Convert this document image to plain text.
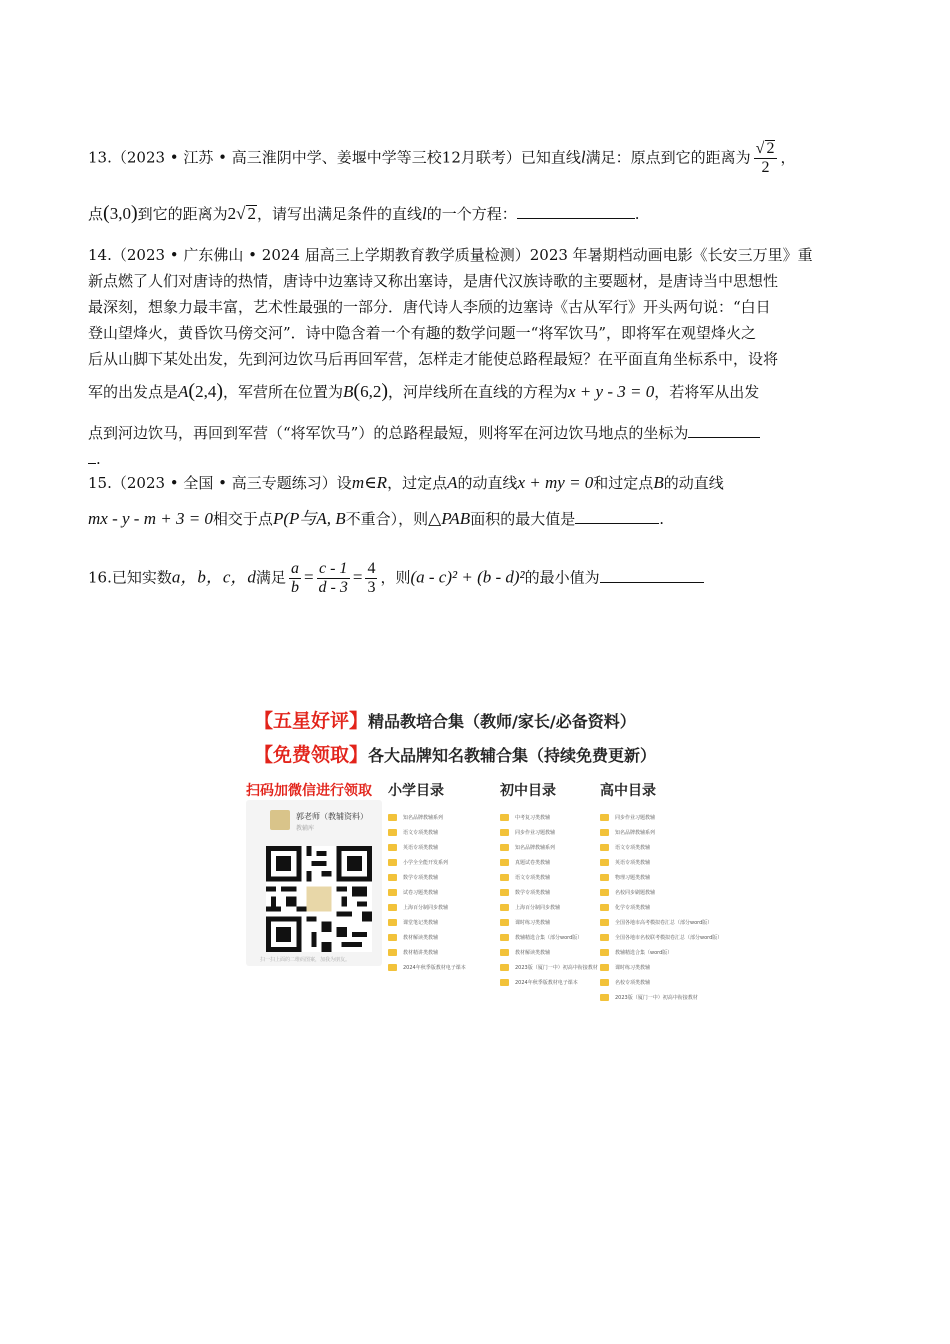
13.（2023 • 江苏 • 高三淮阴中学、姜堰中学等三校12月联考）已知直线l满足：原点到它的距离为 $\frac{√ 2}{2}$ ，
点(3,0)到它的距离为2√ 2，请写出满足条件的直线l的一个方程：	.
14.（2023 • 广东佛山 • 2024 届高三上学期教育教学质量检测）2023 年暑期档动画电影《长安三万里》重
新点燃了人们对唐诗的热情，唐诗中边塞诗又称出塞诗，是唐代汉族诗歌的主要题材，是唐诗当中思想性
最深刻，想象力最丰富，艺术性最强的一部分．唐代诗人李颀的边塞诗《古从军行》开头两句说：“白日
登山望烽火，黄昏饮马傍交河”．诗中隐含着一个有趣的数学问题一“将军饮马”，即将军在观望烽火之
后从山脚下某处出发，先到河边饮马后再回军营，怎样走才能使总路程最短？在平面直角坐标系中，设将
军的出发点是A(2,4)，军营所在位置为B(6,2)，河岸线所在直线的方程为x + y - 3 = 0，若将军从出发
点到河边饮马，再回到军营（“将军饮马”）的总路程最短，则将军在河边饮马地点的坐标为
.
15.（2023 • 全国 • 高三专题练习）设m∈R，过定点A的动直线x + my = 0和过定点B的动直线
mx - y - m + 3 = 0相交于点P(P与A, B不重合），则△PAB面积的最大值是	.
16.已知实数a，b，c，d满足 $\frac{a}{b} = \frac{c - 1}{d - 3} = \frac{4}{3}$ ，则(a - c)² + (b - d)²的最小值为
【五星好评】精品教培合集（教师/家长/必备资料）
【免费领取】各大品牌知名教辅合集（持续免费更新）
扫码加微信进行领取
郭老师（教辅资料）
教辅库
扫一扫上面的二维码图案，加我为朋友。
小学目录
知名品牌教辅系列
语文专项类教辅
英语专项类教辅
小学全全能开发系列
数学专项类教辅
试卷习题类教辅
上海百分制同步教辅
课堂笔记类教辅
教材解读类教辅
教材精讲类教辅
2024年秋季版教材电子课本
初中目录
中考复习类教辅
同步作业习题教辅
知名品牌教辅系列
真题试卷类教辅
语文专项类教辅
数学专项类教辅
上海百分制同步教辅
课时练习类教辅
教辅精选合集（部分word版）
教材解读类教辅
2023版（厦门一中）初高中衔接教材
2024年秋季版教材电子课本
高中目录
同步作业习题教辅
知名品牌教辅系列
语文专项类教辅
英语专项类教辅
物理习题类教辅
名校同步刷题教辅
化学专项类教辅
全国各地市高考模拟卷汇总（部分word版）
全国各地市名校联考模拟卷汇总（部分word版）
教辅精选合集（word版）
课时练习类教辅
名校专项类教辅
2023版（厦门一中）初高中衔接教材
